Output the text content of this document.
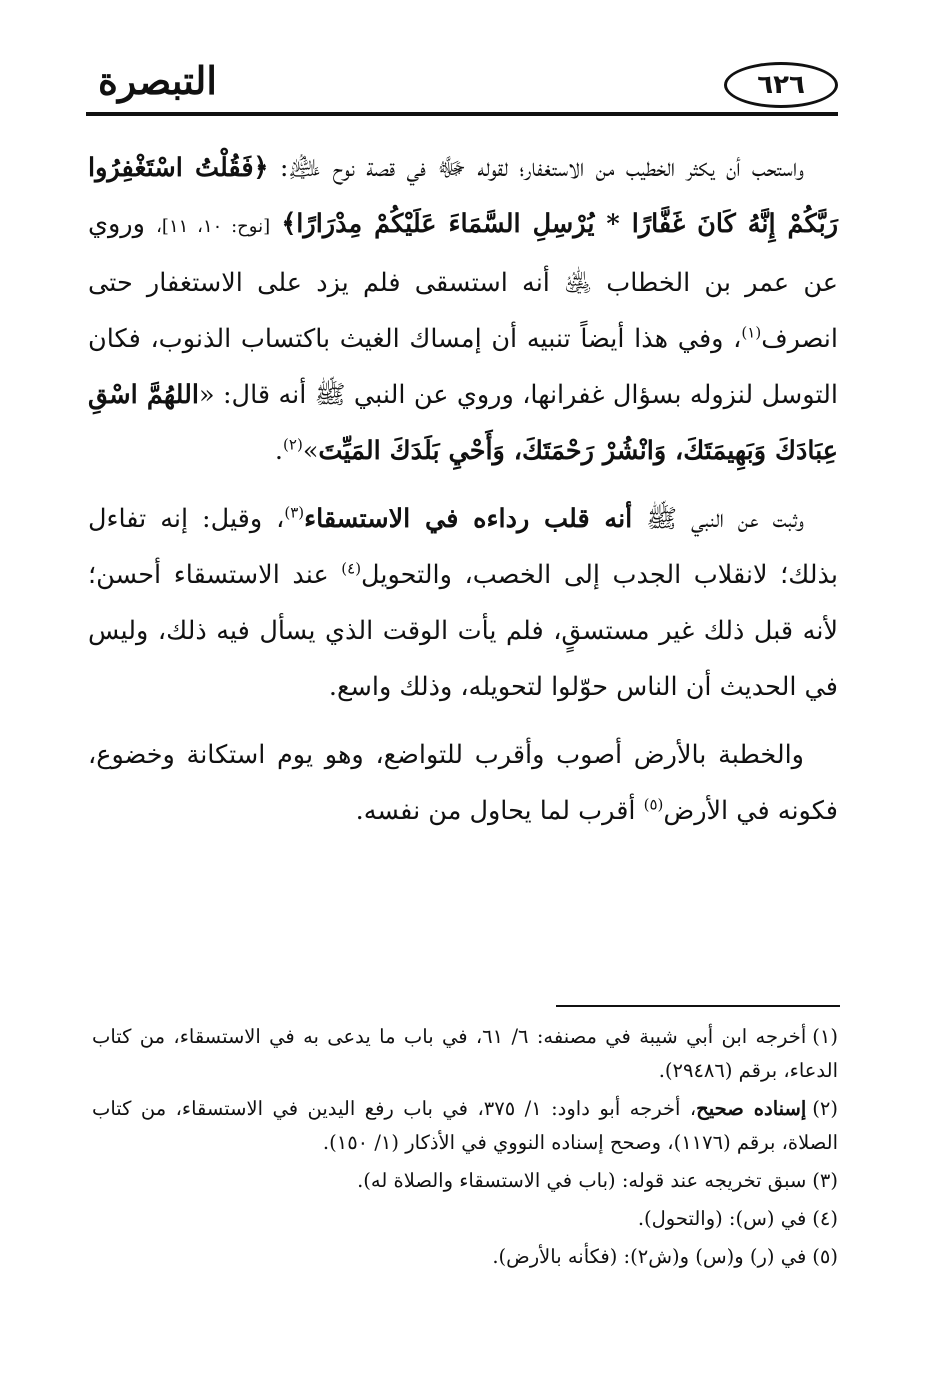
التبصرة	٦٢٦

واستحب أن يكثر الخطيب من الاستغفار؛ لقوله ﷻ في قصة نوح ﵇: ﴿فَقُلْتُ اسْتَغْفِرُوا رَبَّكُمْ إِنَّهُ كَانَ غَفَّارًا * يُرْسِلِ السَّمَاءَ عَلَيْكُمْ مِدْرَارًا﴾ [نوح: ١٠، ١١]، وروي عن عمر بن الخطاب ﵁ أنه استسقى فلم يزد على الاستغفار حتى انصرف$^{(١)}$، وفي هذا أيضاً تنبيه أن إمساك الغيث باكتساب الذنوب، فكان التوسل لنزوله بسؤال غفرانها، وروي عن النبي ﷺ أنه قال: «اللهُمَّ اسْقِ عِبَادَكَ وَبَهِيمَتَكَ، وَانْشُرْ رَحْمَتَكَ، وَأَحْيِ بَلَدَكَ المَيِّتَ»$^{(٢)}$.

وثبت عن النبي ﷺ أنه قلب رداءه في الاستسقاء$^{(٣)}$، وقيل: إنه تفاءل بذلك؛ لانقلاب الجدب إلى الخصب، والتحويل$^{(٤)}$ عند الاستسقاء أحسن؛ لأنه قبل ذلك غير مستسقٍ، فلم يأت الوقت الذي يسأل فيه ذلك، وليس في الحديث أن الناس حوّلوا لتحويله، وذلك واسع.

والخطبة بالأرض أصوب وأقرب للتواضع، وهو يوم استكانة وخضوع، فكونه في الأرض$^{(٥)}$ أقرب لما يحاول من نفسه.

(١)أخرجه ابن أبي شيبة في مصنفه: ٦/ ٦١، في باب ما يدعى به في الاستسقاء، من كتاب الدعاء، برقم (٢٩٤٨٦).
(٢)إسناده صحيح، أخرجه أبو داود: ١/ ٣٧٥، في باب رفع اليدين في الاستسقاء، من كتاب الصلاة، برقم (١١٧٦)، وصحح إسناده النووي في الأذكار (١/ ١٥٠).
(٣)سبق تخريجه عند قوله: (باب في الاستسقاء والصلاة له).
(٤)في (س): (والتحول).
(٥)في (ر) و(س) و(ش٢): (فكأنه بالأرض).
